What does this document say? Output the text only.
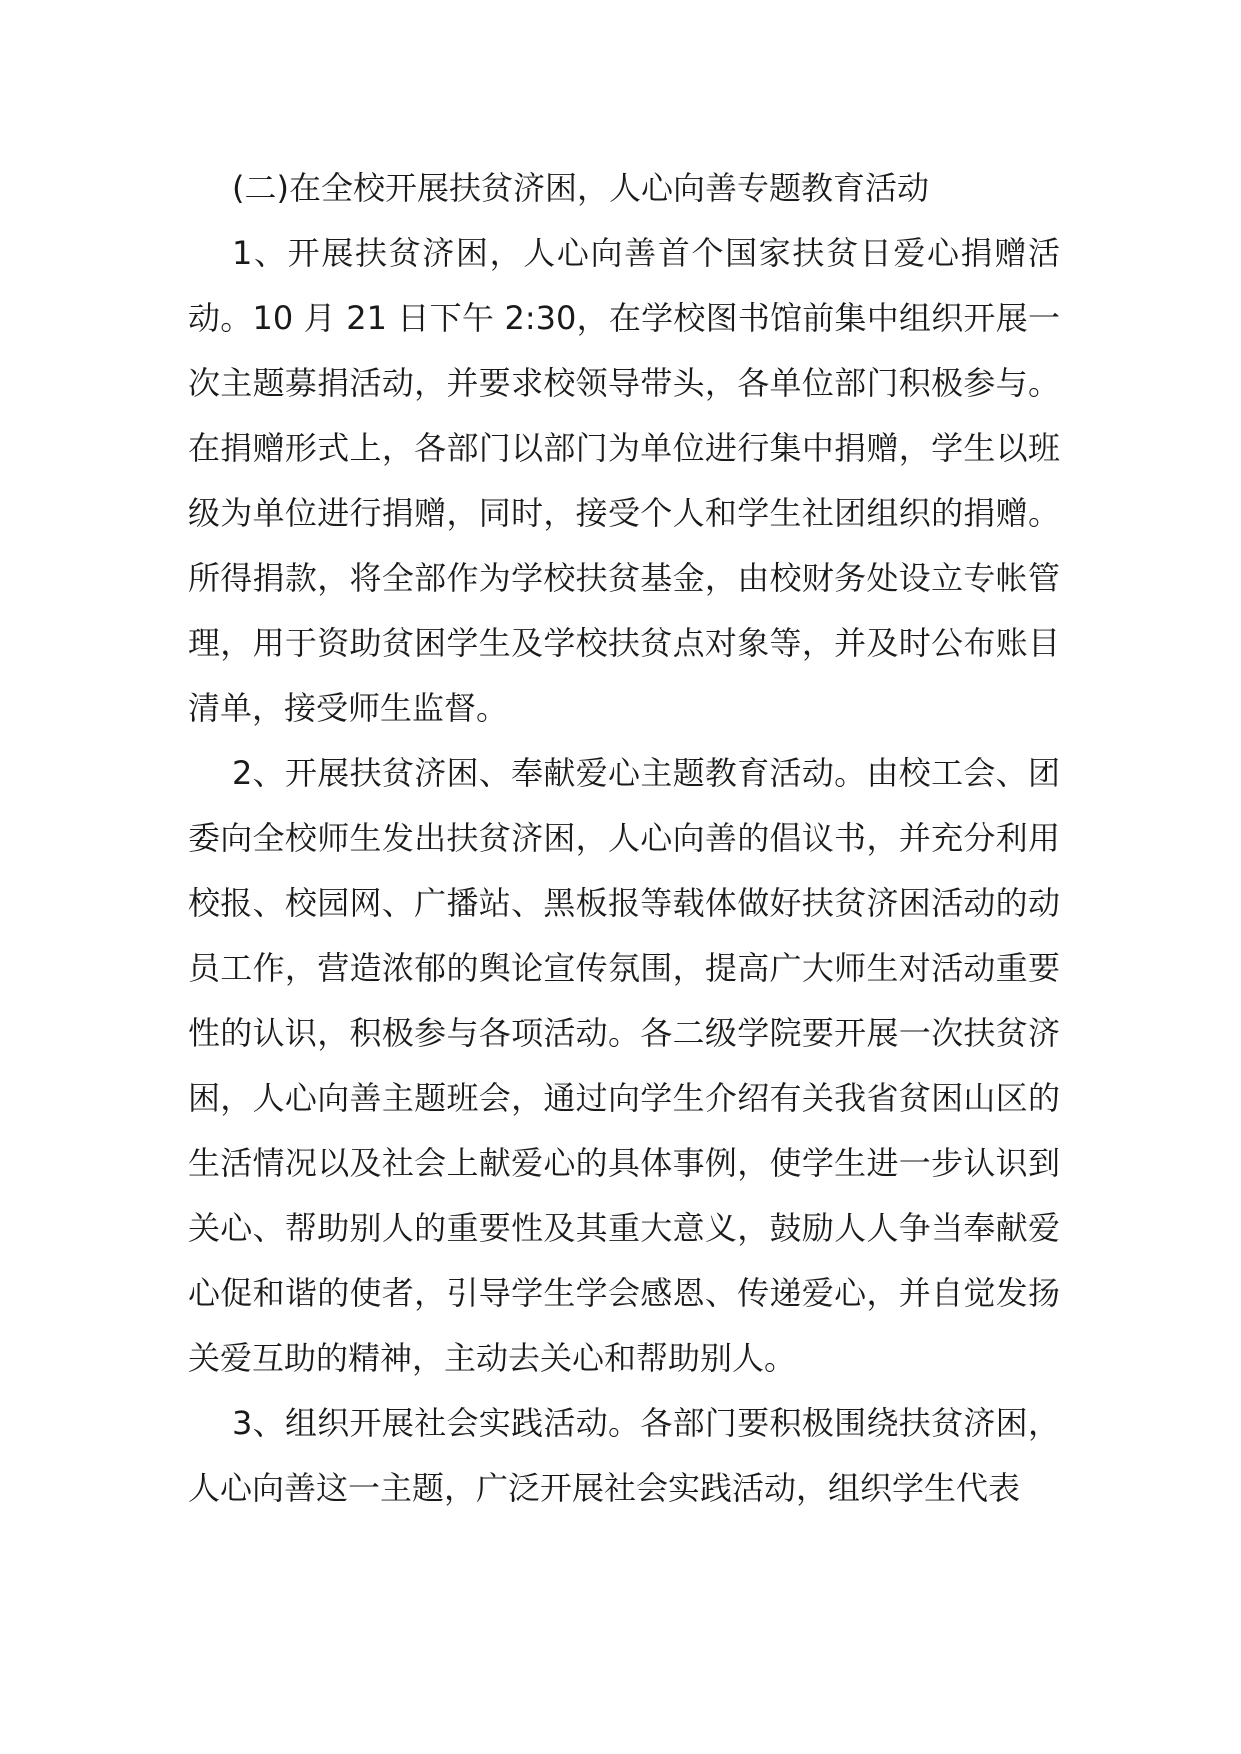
(二)在全校开展扶贫济困，人心向善专题教育活动

1、开展扶贫济困，人心向善首个国家扶贫日爱心捐赠活动。10 月 21 日下午 2:30，在学校图书馆前集中组织开展一次主题募捐活动，并要求校领导带头，各单位部门积极参与。在捐赠形式上，各部门以部门为单位进行集中捐赠，学生以班级为单位进行捐赠，同时，接受个人和学生社团组织的捐赠。所得捐款，将全部作为学校扶贫基金，由校财务处设立专帐管理，用于资助贫困学生及学校扶贫点对象等，并及时公布账目清单，接受师生监督。

2、开展扶贫济困、奉献爱心主题教育活动。由校工会、团委向全校师生发出扶贫济困，人心向善的倡议书，并充分利用校报、校园网、广播站、黑板报等载体做好扶贫济困活动的动员工作，营造浓郁的舆论宣传氛围，提高广大师生对活动重要性的认识，积极参与各项活动。各二级学院要开展一次扶贫济困，人心向善主题班会，通过向学生介绍有关我省贫困山区的生活情况以及社会上献爱心的具体事例，使学生进一步认识到关心、帮助别人的重要性及其重大意义，鼓励人人争当奉献爱心促和谐的使者，引导学生学会感恩、传递爱心，并自觉发扬关爱互助的精神，主动去关心和帮助别人。

3、组织开展社会实践活动。各部门要积极围绕扶贫济困，人心向善这一主题，广泛开展社会实践活动，组织学生代表
